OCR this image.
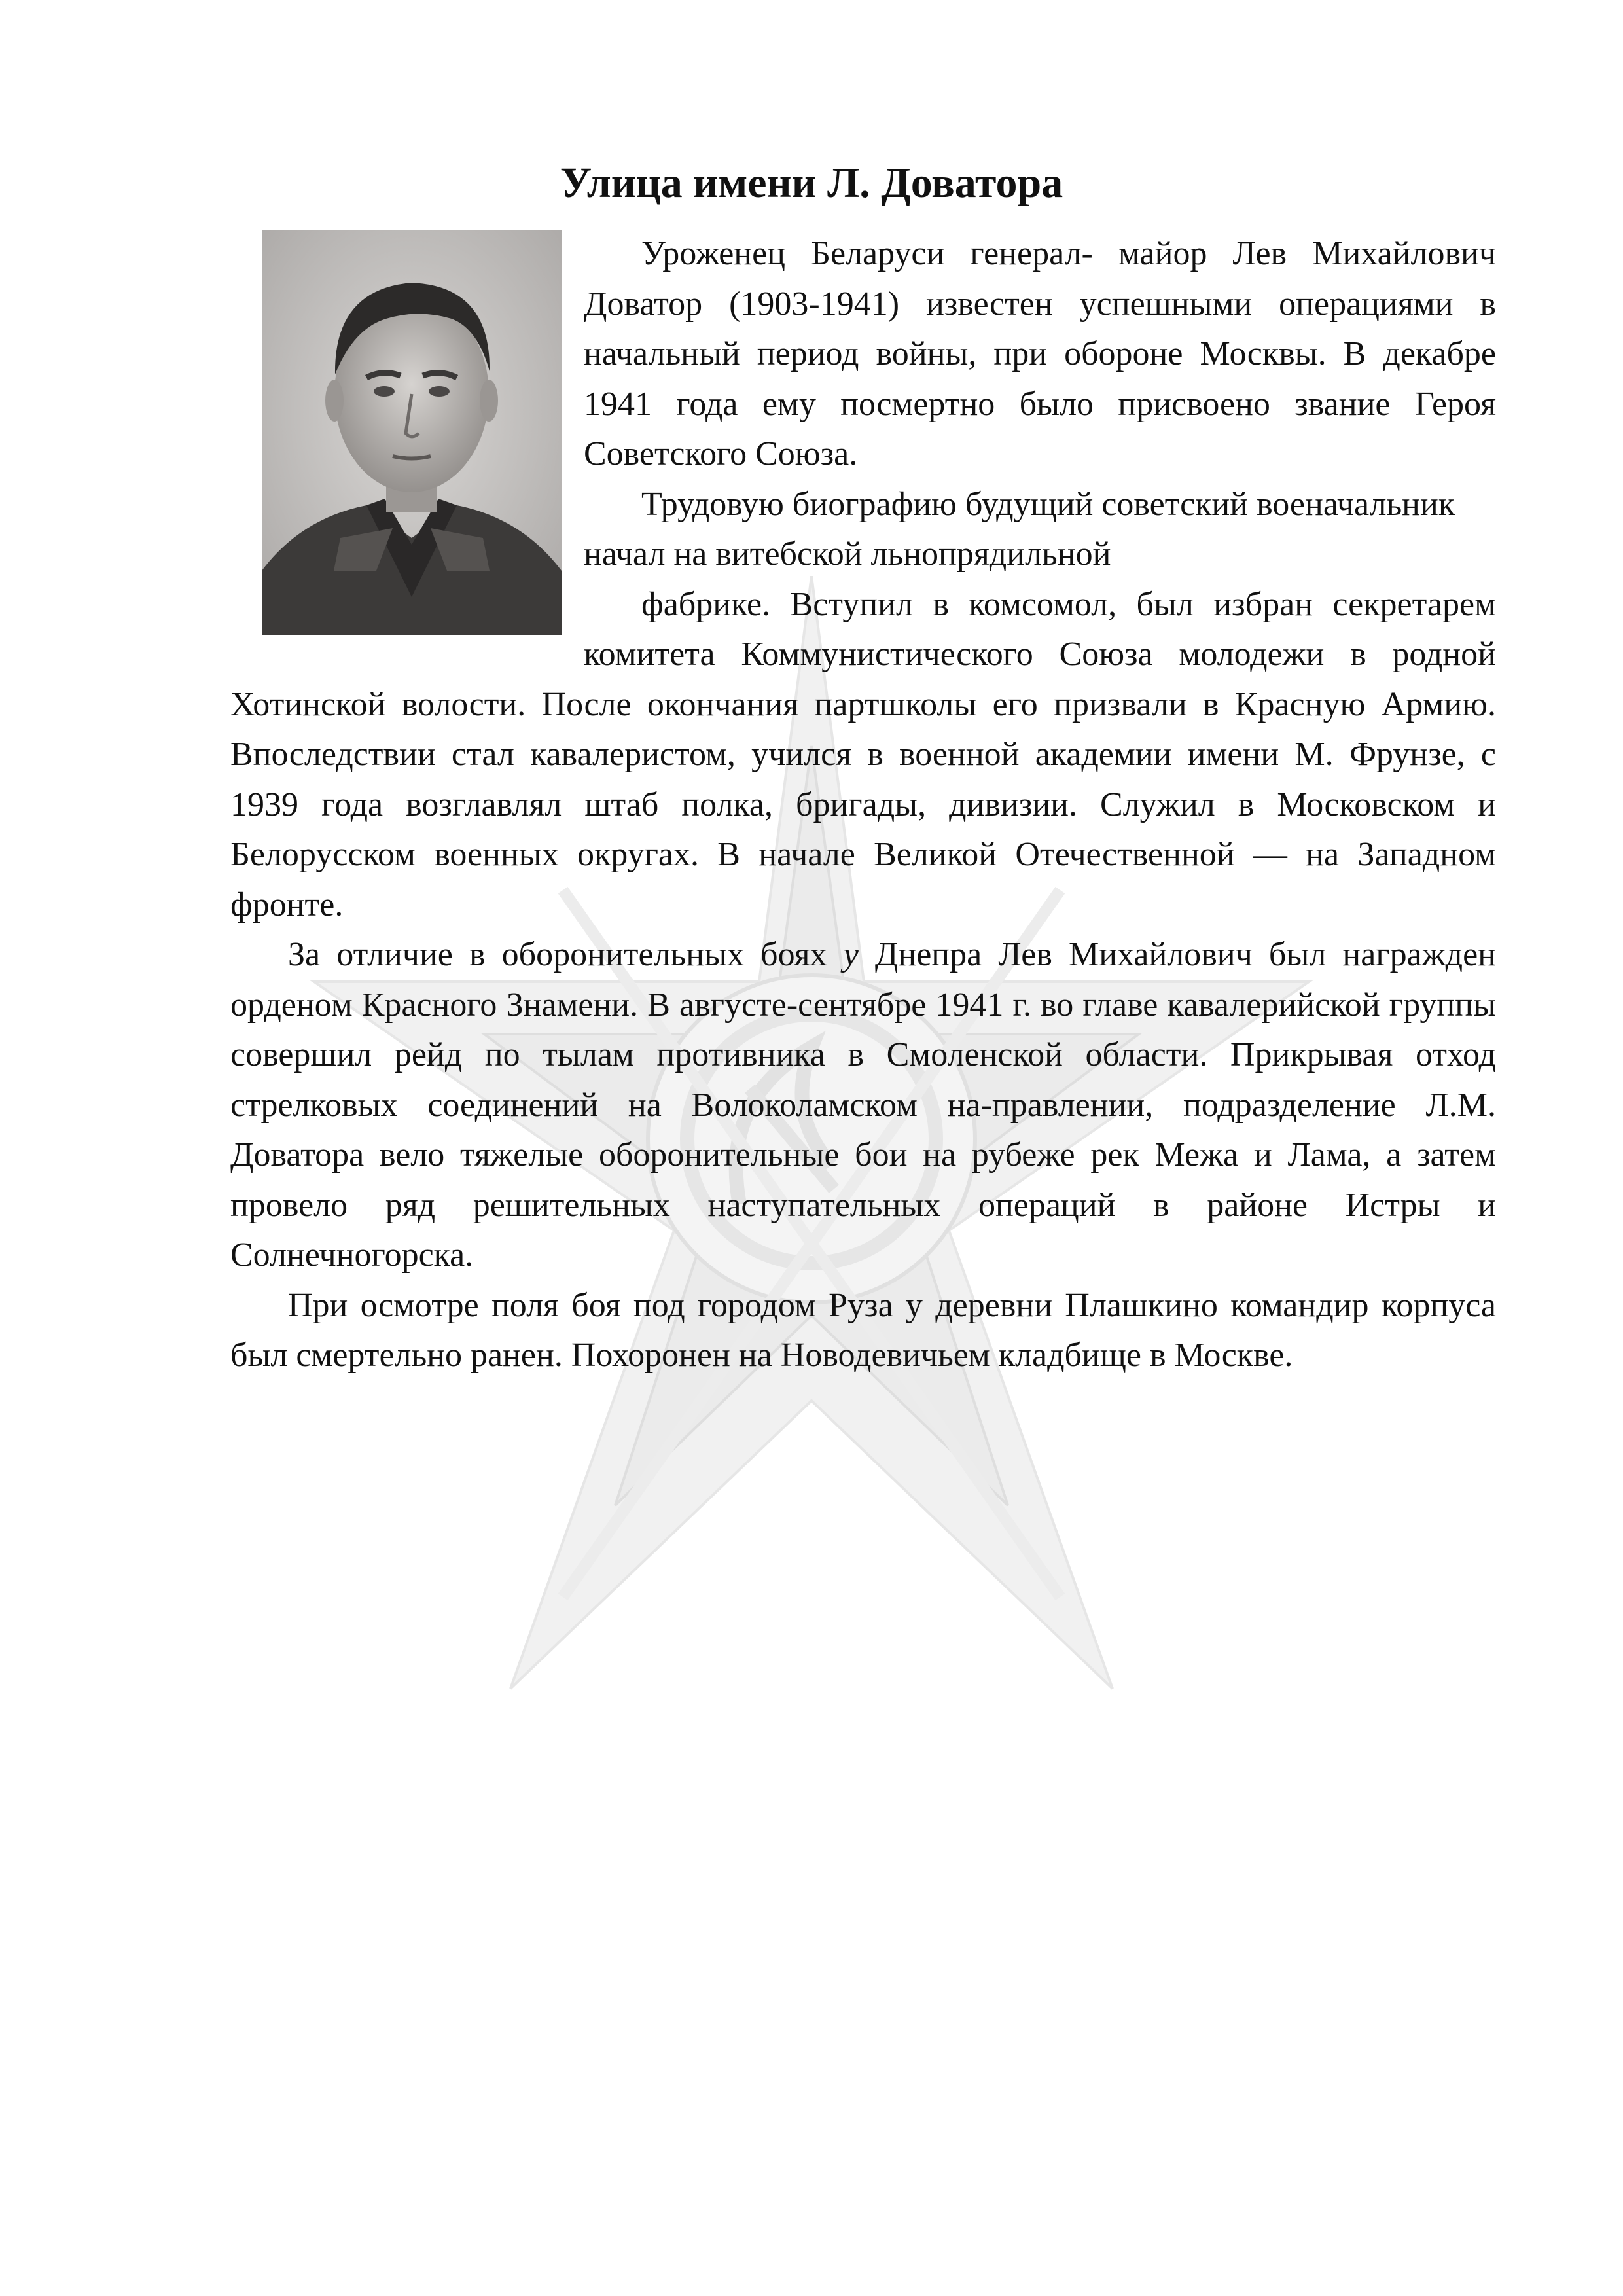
Улица имени Л. Доватора

Уроженец Беларуси генерал- майор Лев Михайлович Доватор (1903-1941) известен успешными операциями в начальный период войны, при обороне Москвы. В декабре 1941 года ему посмертно было присвоено звание Героя Советского Союза.

Трудовую биографию будущий советский военачальник начал на витебской льнопрядильной

фабрике. Вступил в комсомол, был избран секретарем комитета Коммунистического Союза молодежи в родной Хотинской волости. После окончания партшколы его призвали в Красную Армию. Впоследствии стал кавалеристом, учился в военной академии имени М. Фрунзе, с 1939 года возглавлял штаб полка, бригады, дивизии. Служил в Московском и Белорусском военных округах. В начале Великой Отечественной — на Западном фронте.

За отличие в оборонительных боях у Днепра Лев Михайлович был награжден орденом Красного Знамени. В августе-сентябре 1941 г. во главе кавалерийской группы совершил рейд по тылам противника в Смоленской области. Прикрывая отход стрелковых соединений на Волоколамском на-правлении, подразделение Л.М. Доватора вело тяжелые оборонительные бои на рубеже рек Межа и Лама, а затем провело ряд решительных наступательных операций в районе Истры и Солнечногорска.

При осмотре поля боя под городом Руза у деревни Плашкино командир корпуса был смертельно ранен. Похоронен на Новодевичьем кладбище в Москве.
